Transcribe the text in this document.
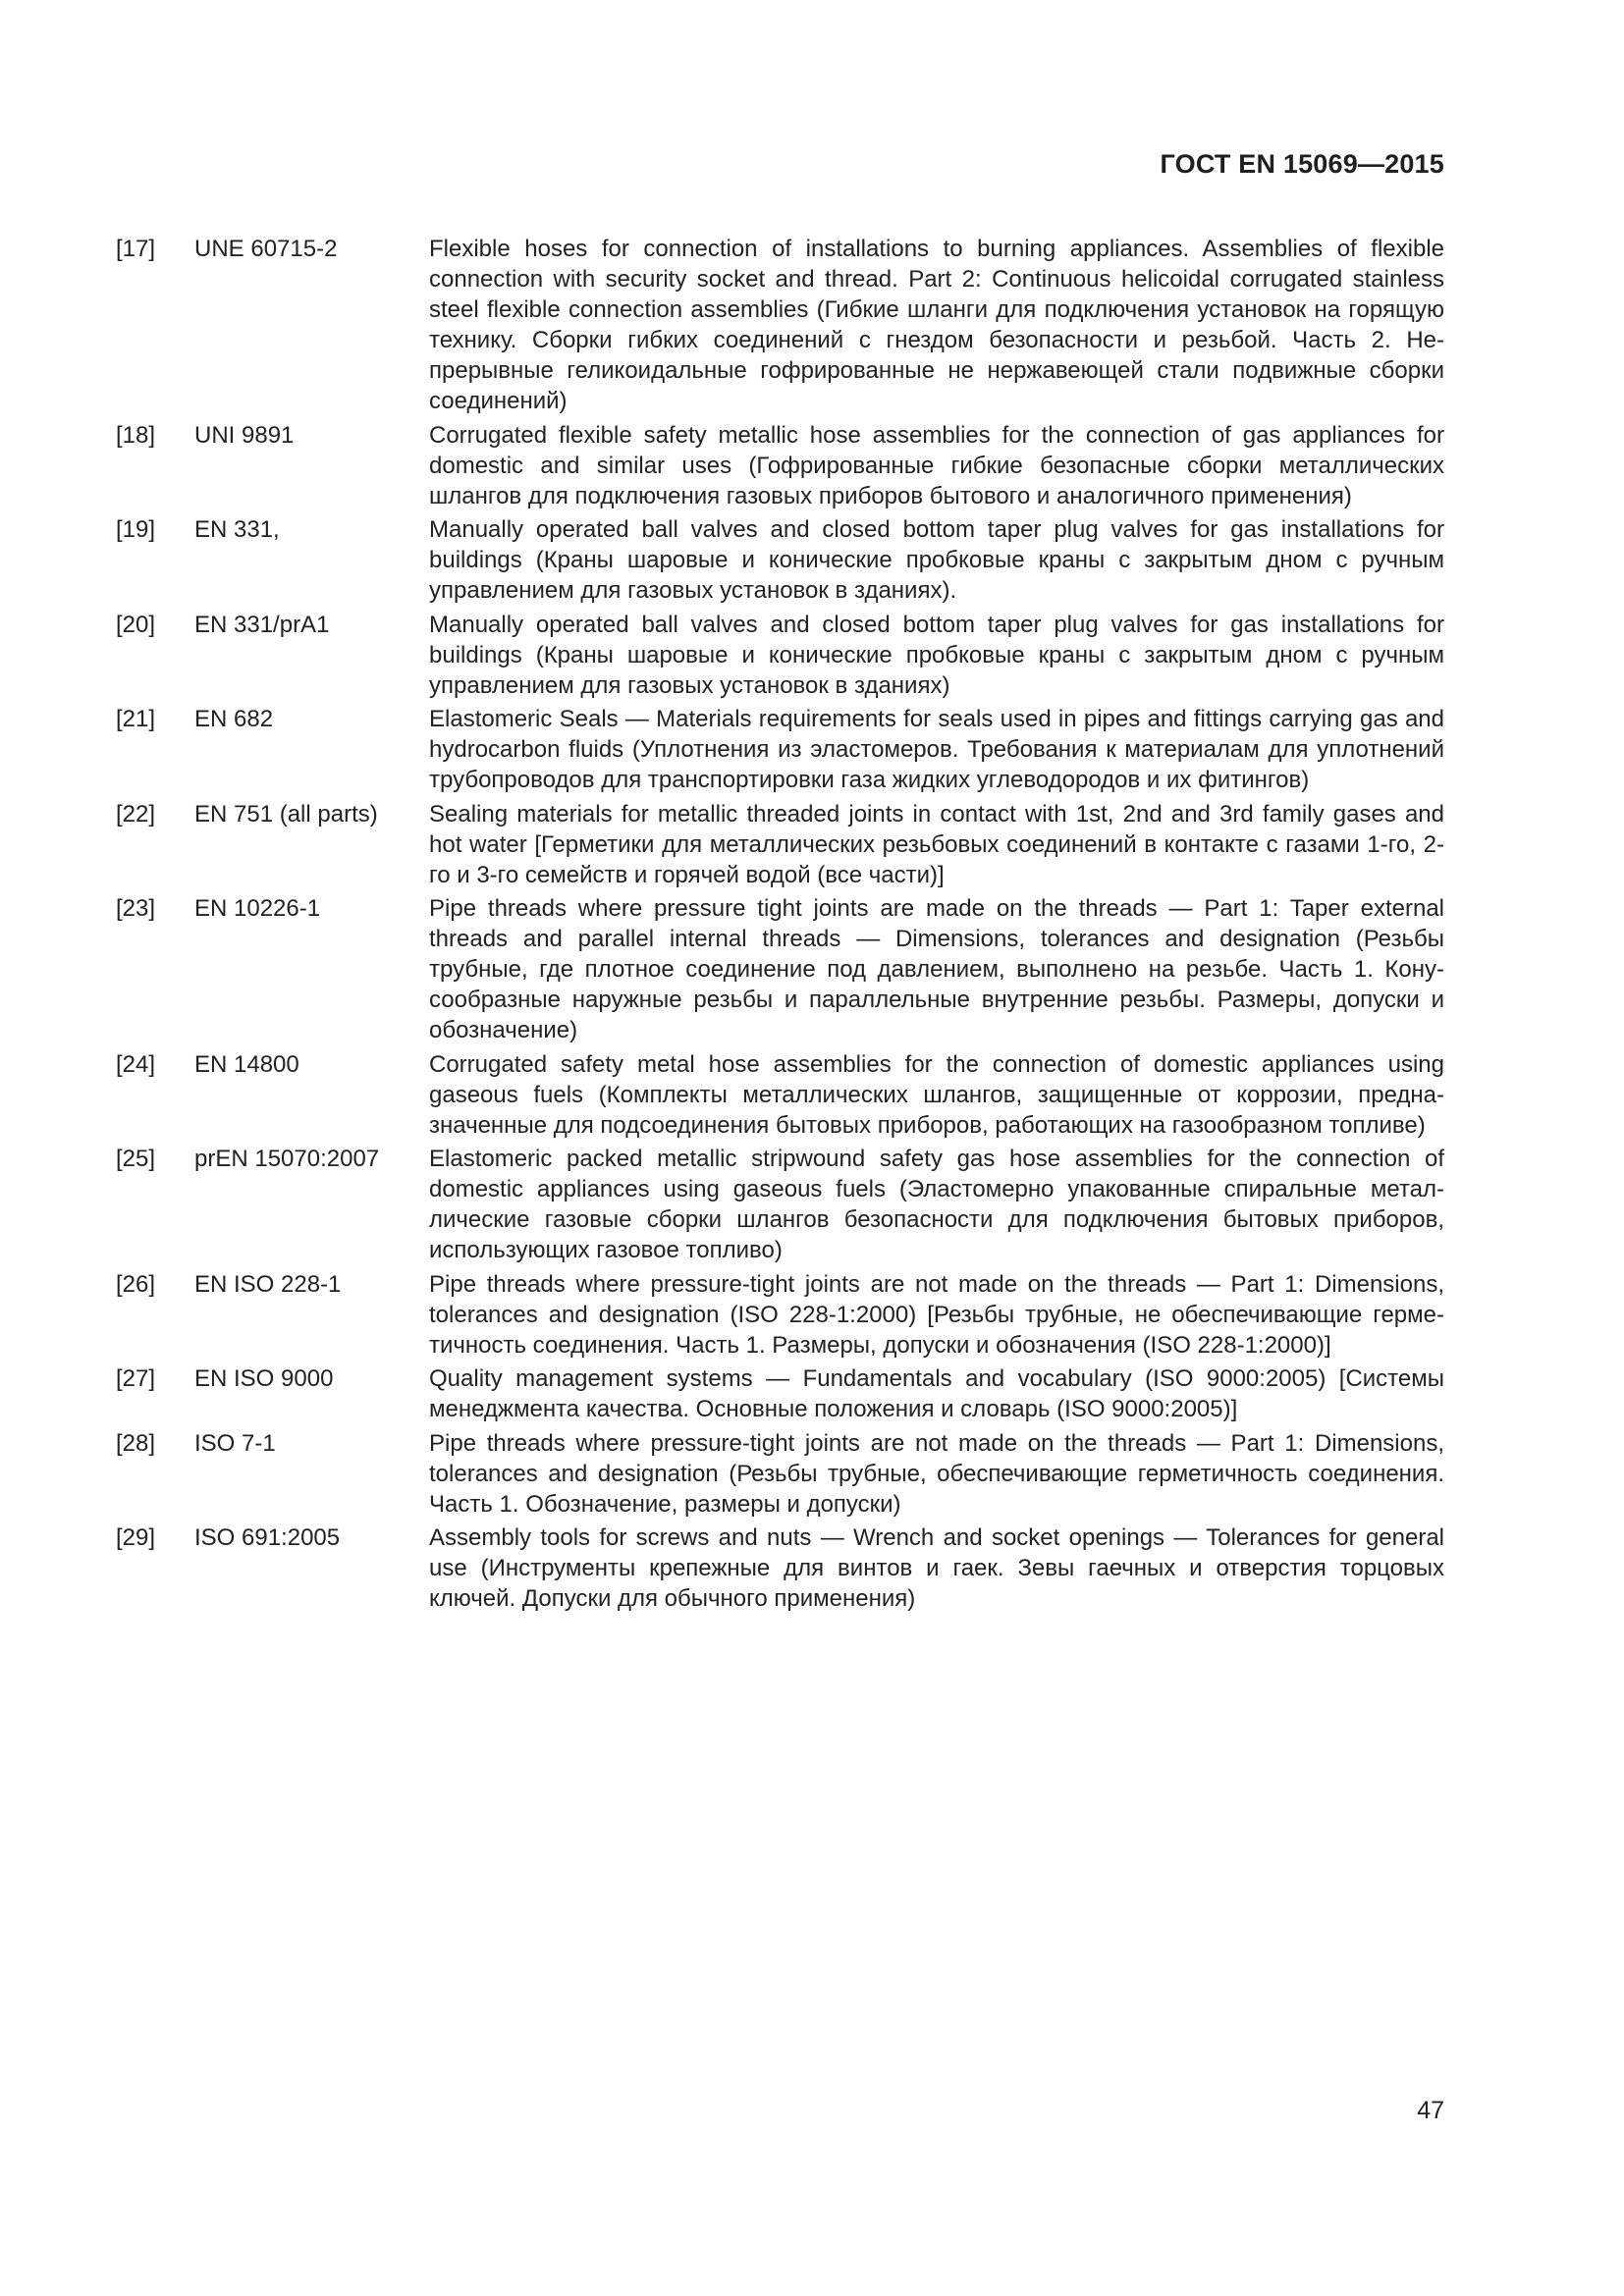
ГОСТ EN 15069—2015
[17]	UNE 60715-2	Flexible hoses for connection of installations to burning appliances. Assemblies of flexible connection with security socket and thread. Part 2: Continuous helicoidal corrugated stainless steel flexible connection assemblies (Гибкие шланги для подключения установок на горящую технику. Сборки гибких соединений с гнездом безопасности и резьбой. Часть 2. Непрерывные геликоидальные гофрированные не нержавеющей стали подвижные сборки соединений)
[18]	UNI 9891	Corrugated flexible safety metallic hose assemblies for the connection of gas appliances for domestic and similar uses (Гофрированные гибкие безопасные сборки металлических шлангов для подключения газовых приборов бытового и аналогичного применения)
[19]	EN 331,	Manually operated ball valves and closed bottom taper plug valves for gas installations for buildings (Краны шаровые и конические пробковые краны с закрытым дном с ручным управлением для газовых установок в зданиях).
[20]	EN 331/prA1	Manually operated ball valves and closed bottom taper plug valves for gas installations for buildings (Краны шаровые и конические пробковые краны с закрытым дном с ручным управлением для газовых установок в зданиях)
[21]	EN 682	Elastomeric Seals — Materials requirements for seals used in pipes and fittings carrying gas and hydrocarbon fluids (Уплотнения из эластомеров. Требования к материалам для уплотнений трубопроводов для транспортировки газа жидких углеводородов и их фитингов)
[22]	EN 751 (all parts)	Sealing materials for metallic threaded joints in contact with 1st, 2nd and 3rd family gases and hot water [Герметики для металлических резьбовых соединений в контакте с газами 1-го, 2-го и 3-го семейств и горячей водой (все части)]
[23]	EN 10226-1	Pipe threads where pressure tight joints are made on the threads — Part 1: Taper external threads and parallel internal threads — Dimensions, tolerances and designation (Резьбы трубные, где плотное соединение под давлением, выполнено на резьбе. Часть 1. Конусообразные наружные резьбы и параллельные внутренние резьбы. Размеры, допуски и обозначение)
[24]	EN 14800	Corrugated safety metal hose assemblies for the connection of domestic appliances using gaseous fuels (Комплекты металлических шлангов, защищенные от коррозии, предназначенные для подсоединения бытовых приборов, работающих на газообразном топливе)
[25]	prEN 15070:2007	Elastomeric packed metallic stripwound safety gas hose assemblies for the connection of domestic appliances using gaseous fuels (Эластомерно упакованные спиральные металлические газовые сборки шлангов безопасности для подключения бытовых приборов, использующих газовое топливо)
[26]	EN ISO 228-1	Pipe threads where pressure-tight joints are not made on the threads — Part 1: Dimensions, tolerances and designation (ISO 228-1:2000) [Резьбы трубные, не обеспечивающие герметичность соединения. Часть 1. Размеры, допуски и обозначения (ISO 228-1:2000)]
[27]	EN ISO 9000	Quality management systems — Fundamentals and vocabulary (ISO 9000:2005) [Системы менеджмента качества. Основные положения и словарь (ISO 9000:2005)]
[28]	ISO 7-1	Pipe threads where pressure-tight joints are not made on the threads — Part 1: Dimensions, tolerances and designation (Резьбы трубные, обеспечивающие герметичность соединения. Часть 1. Обозначение, размеры и допуски)
[29]	ISO 691:2005	Assembly tools for screws and nuts — Wrench and socket openings — Tolerances for general use (Инструменты крепежные для винтов и гаек. Зевы гаечных и отверстия торцовых ключей. Допуски для обычного применения)
47
